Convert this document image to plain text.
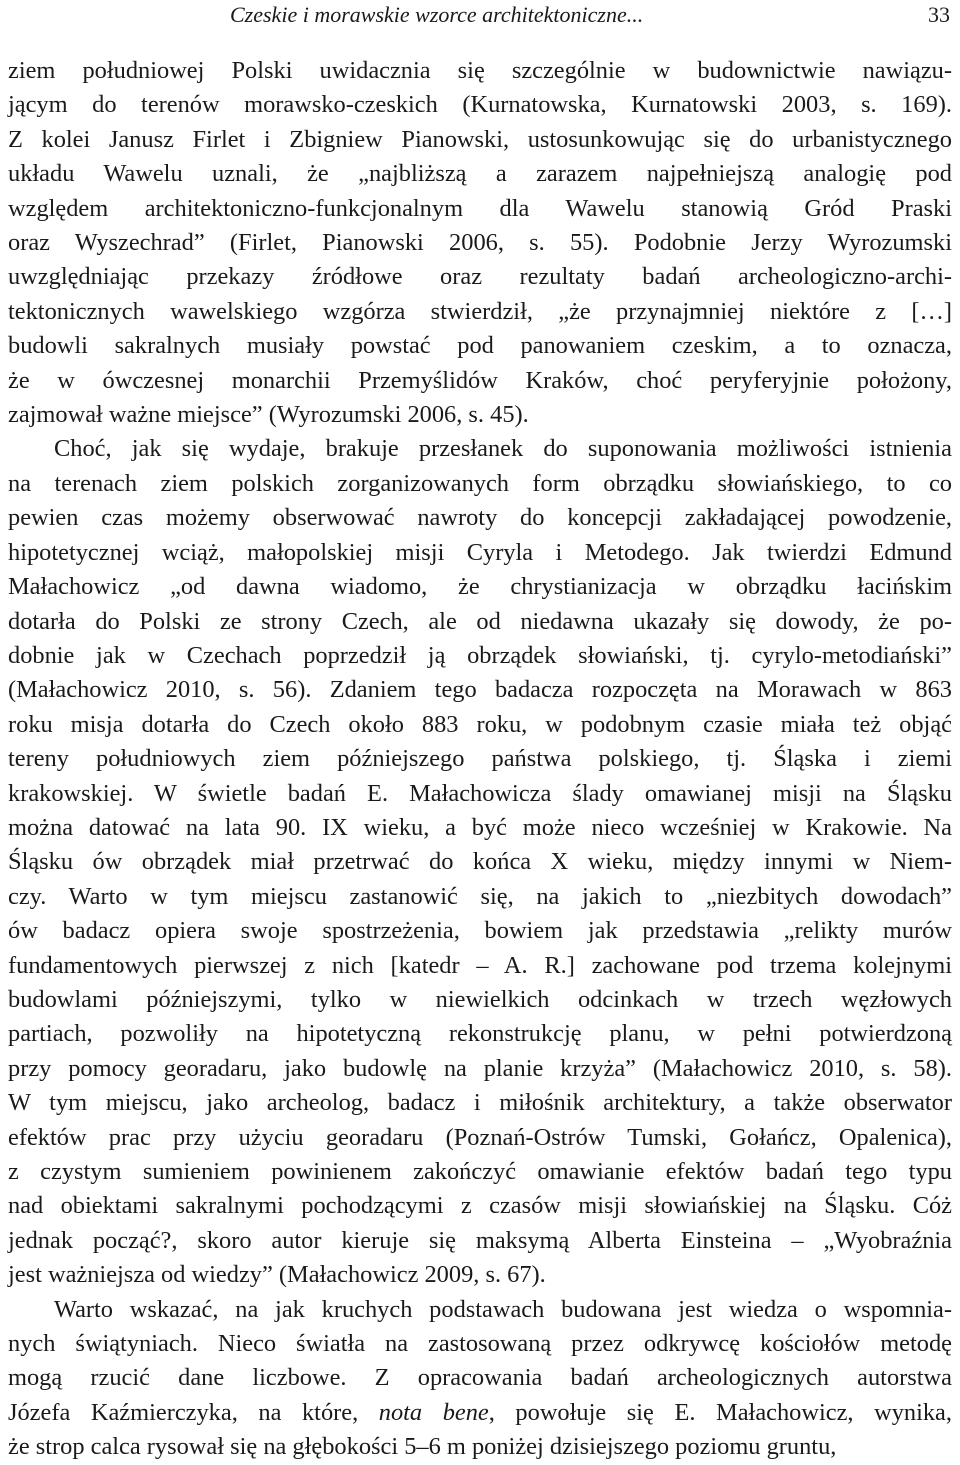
Czeskie i morawskie wzorce architektoniczne...	33

ziem południowej Polski uwidacznia się szczególnie w budownictwie nawiązu-
jącym do terenów morawsko-czeskich (Kurnatowska, Kurnatowski 2003, s. 169).
Z kolei Janusz Firlet i Zbigniew Pianowski, ustosunkowując się do urbanistycznego
układu Wawelu uznali, że „najbliższą a zarazem najpełniejszą analogię pod
względem architektoniczno-funkcjonalnym dla Wawelu stanowią Gród Praski
oraz Wyszechrad” (Firlet, Pianowski 2006, s. 55). Podobnie Jerzy Wyrozumski
uwzględniając przekazy źródłowe oraz rezultaty badań archeologiczno-archi-
tektonicznych wawelskiego wzgórza stwierdził, „że przynajmniej niektóre z […]
budowli sakralnych musiały powstać pod panowaniem czeskim, a to oznacza,
że w ówczesnej monarchii Przemyślidów Kraków, choć peryferyjnie położony,
zajmował ważne miejsce” (Wyrozumski 2006, s. 45).

Choć, jak się wydaje, brakuje przesłanek do suponowania możliwości istnienia
na terenach ziem polskich zorganizowanych form obrządku słowiańskiego, to co
pewien czas możemy obserwować nawroty do koncepcji zakładającej powodzenie,
hipotetycznej wciąż, małopolskiej misji Cyryla i Metodego. Jak twierdzi Edmund
Małachowicz „od dawna wiadomo, że chrystianizacja w obrządku łacińskim
dotarła do Polski ze strony Czech, ale od niedawna ukazały się dowody, że po-
dobnie jak w Czechach poprzedził ją obrządek słowiański, tj. cyrylo-metodiański”
(Małachowicz 2010, s. 56). Zdaniem tego badacza rozpoczęta na Morawach w 863
roku misja dotarła do Czech około 883 roku, w podobnym czasie miała też objąć
tereny południowych ziem późniejszego państwa polskiego, tj. Śląska i ziemi
krakowskiej. W świetle badań E. Małachowicza ślady omawianej misji na Śląsku
można datować na lata 90. IX wieku, a być może nieco wcześniej w Krakowie. Na
Śląsku ów obrządek miał przetrwać do końca X wieku, między innymi w Niem-
czy. Warto w tym miejscu zastanowić się, na jakich to „niezbitych dowodach”
ów badacz opiera swoje spostrzeżenia, bowiem jak przedstawia „relikty murów
fundamentowych pierwszej z nich [katedr – A. R.] zachowane pod trzema kolejnymi
budowlami późniejszymi, tylko w niewielkich odcinkach w trzech węzłowych
partiach, pozwoliły na hipotetyczną rekonstrukcję planu, w pełni potwierdzoną
przy pomocy georadaru, jako budowlę na planie krzyża” (Małachowicz 2010, s. 58).
W tym miejscu, jako archeolog, badacz i miłośnik architektury, a także obserwator
efektów prac przy użyciu georadaru (Poznań-Ostrów Tumski, Gołańcz, Opalenica),
z czystym sumieniem powinienem zakończyć omawianie efektów badań tego typu
nad obiektami sakralnymi pochodzącymi z czasów misji słowiańskiej na Śląsku. Cóż
jednak począć?, skoro autor kieruje się maksymą Alberta Einsteina – „Wyobraźnia
jest ważniejsza od wiedzy” (Małachowicz 2009, s. 67).

Warto wskazać, na jak kruchych podstawach budowana jest wiedza o wspomnia-
nych świątyniach. Nieco światła na zastosowaną przez odkrywcę kościołów metodę
mogą rzucić dane liczbowe. Z opracowania badań archeologicznych autorstwa
Józefa Kaźmierczyka, na które, nota bene, powołuje się E. Małachowicz, wynika,
że strop calca rysował się na głębokości 5–6 m poniżej dzisiejszego poziomu gruntu,
